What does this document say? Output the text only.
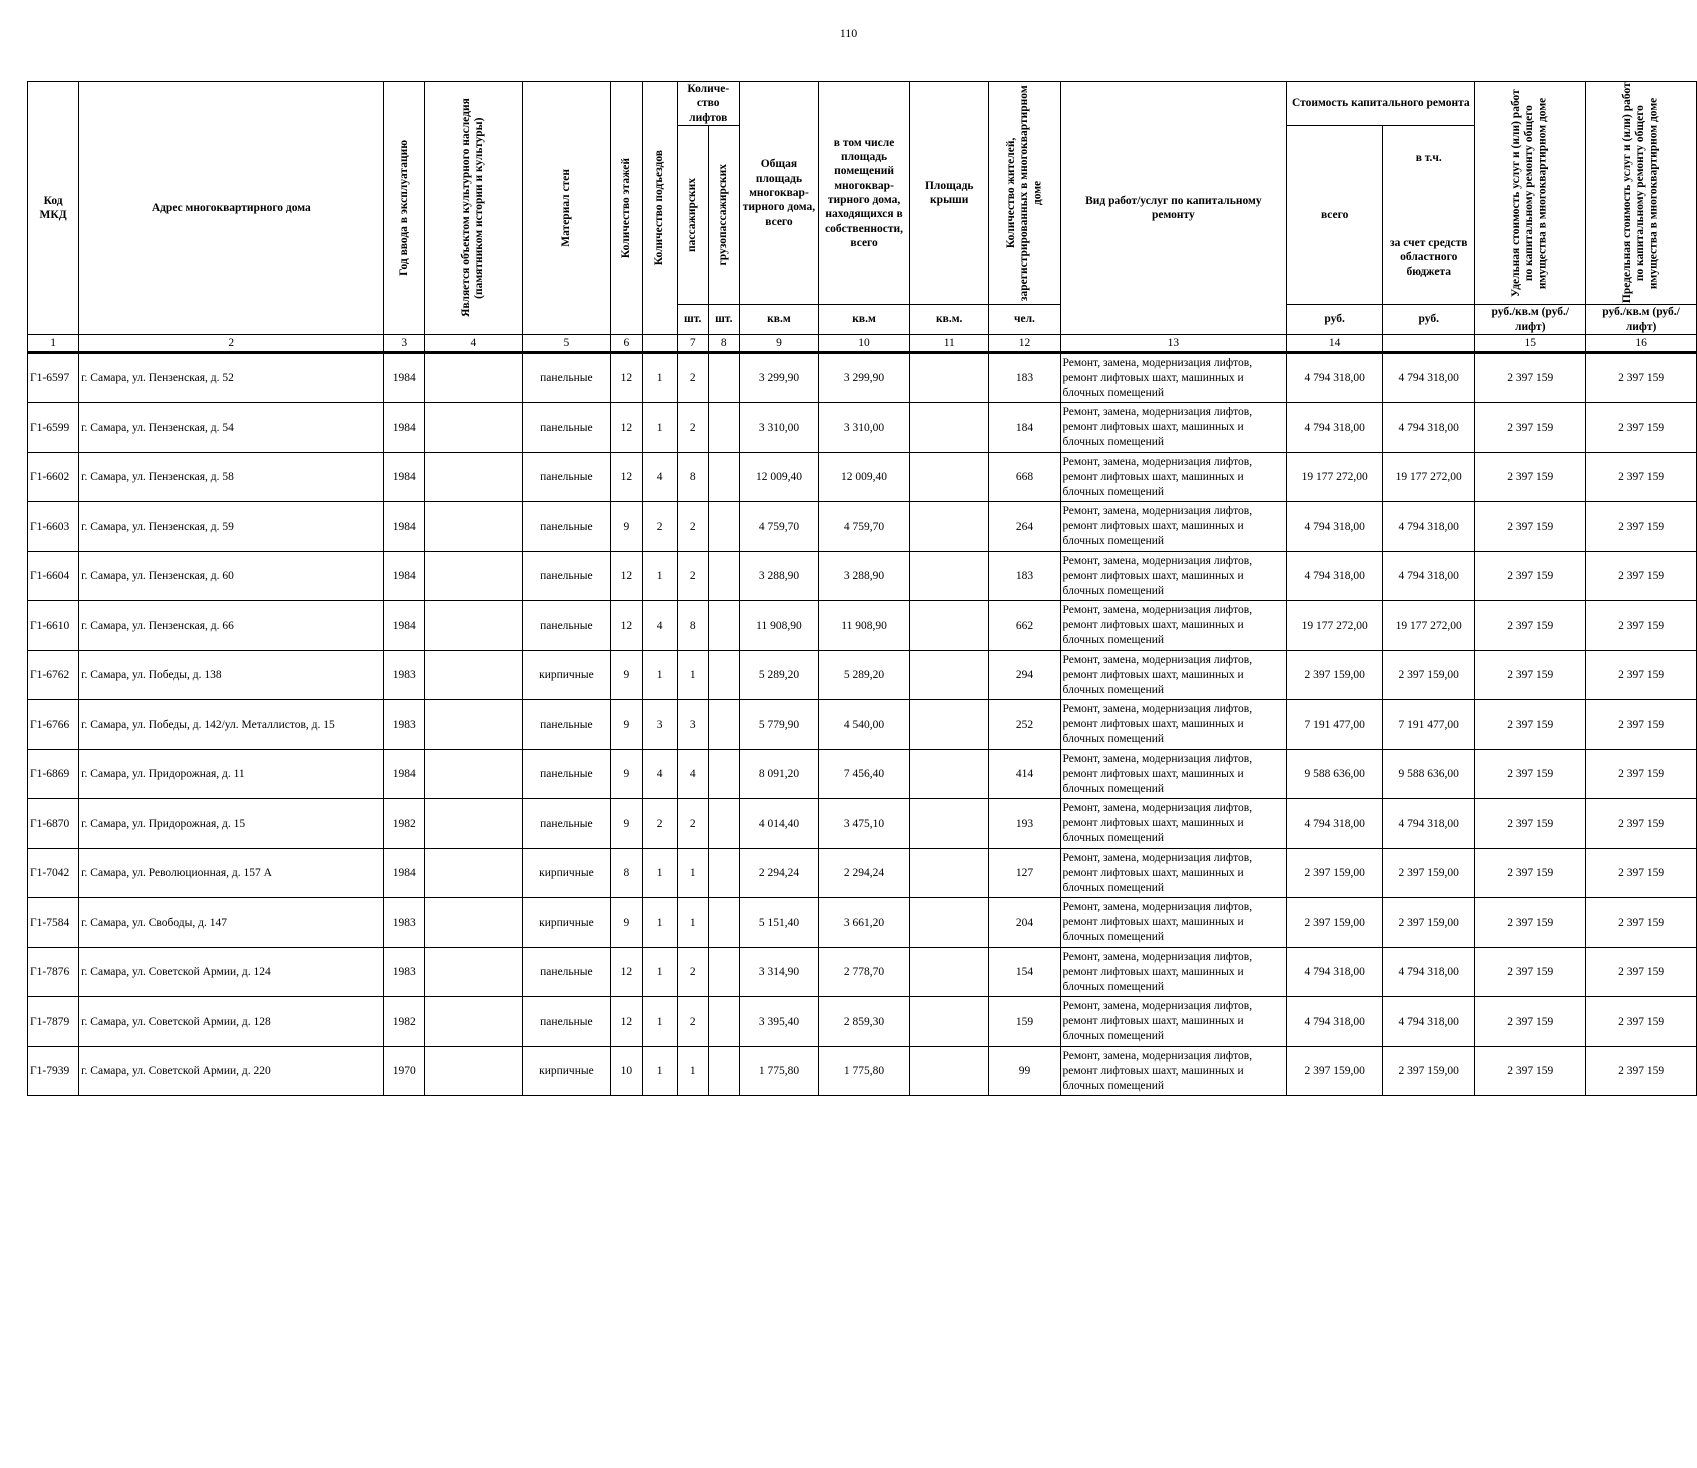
110
Код МКД	Адрес многоквартирного дома	Год ввода в эксплуатацию	Является объектом культурного наследия (памятником истории и культуры)	Материал стен	Количество этажей	Количество подъездов	Количе- ство лифтов		Общая площадь многоквар- тирного дома, всего	в том числе площадь помещений многоквар- тирного дома, находящихся в собственности, всего	Площадь крыши	Количество жителей, зарегистрированных в многоквартирном доме	Вид работ/услуг по капитальному ремонту	Стоимость капитального ремонта		Удельная стоимость услуг и (или) работ по капитальному ремонту общего имущества в многоквартирном доме	Предельная стоимость услуг и (или) работ по капитальному ремонту общего имущества в многоквартирном доме

							пассажирских	грузопассажирских						всего	в т.ч.
за счет средств областного бюджета		

							шт.	шт.	кв.м	кв.м	кв.м.	чел.		руб.	руб.	руб./кв.м (руб./лифт)	руб./кв.м (руб./лифт)
1	2	3	4	5	6		7	8	9	10	11	12	13	14		15	16
Г1-6597	г. Самара, ул. Пензенская, д. 52	1984		панельные	12	1	2		3 299,90	3 299,90		183	Ремонт, замена, модернизация лифтов, ремонт лифтовых шахт, машинных и блочных помещений	4 794 318,00	4 794 318,00	2 397 159	2 397 159
Г1-6599	г. Самара, ул. Пензенская, д. 54	1984		панельные	12	1	2		3 310,00	3 310,00		184	Ремонт, замена, модернизация лифтов, ремонт лифтовых шахт, машинных и блочных помещений	4 794 318,00	4 794 318,00	2 397 159	2 397 159
Г1-6602	г. Самара, ул. Пензенская, д. 58	1984		панельные	12	4	8		12 009,40	12 009,40		668	Ремонт, замена, модернизация лифтов, ремонт лифтовых шахт, машинных и блочных помещений	19 177 272,00	19 177 272,00	2 397 159	2 397 159
Г1-6603	г. Самара, ул. Пензенская, д. 59	1984		панельные	9	2	2		4 759,70	4 759,70		264	Ремонт, замена, модернизация лифтов, ремонт лифтовых шахт, машинных и блочных помещений	4 794 318,00	4 794 318,00	2 397 159	2 397 159
Г1-6604	г. Самара, ул. Пензенская, д. 60	1984		панельные	12	1	2		3 288,90	3 288,90		183	Ремонт, замена, модернизация лифтов, ремонт лифтовых шахт, машинных и блочных помещений	4 794 318,00	4 794 318,00	2 397 159	2 397 159
Г1-6610	г. Самара, ул. Пензенская, д. 66	1984		панельные	12	4	8		11 908,90	11 908,90		662	Ремонт, замена, модернизация лифтов, ремонт лифтовых шахт, машинных и блочных помещений	19 177 272,00	19 177 272,00	2 397 159	2 397 159
Г1-6762	г. Самара, ул. Победы, д. 138	1983		кирпичные	9	1	1		5 289,20	5 289,20		294	Ремонт, замена, модернизация лифтов, ремонт лифтовых шахт, машинных и блочных помещений	2 397 159,00	2 397 159,00	2 397 159	2 397 159
Г1-6766	г. Самара, ул. Победы, д. 142/ул. Металлистов, д. 15	1983		панельные	9	3	3		5 779,90	4 540,00		252	Ремонт, замена, модернизация лифтов, ремонт лифтовых шахт, машинных и блочных помещений	7 191 477,00	7 191 477,00	2 397 159	2 397 159
Г1-6869	г. Самара, ул. Придорожная, д. 11	1984		панельные	9	4	4		8 091,20	7 456,40		414	Ремонт, замена, модернизация лифтов, ремонт лифтовых шахт, машинных и блочных помещений	9 588 636,00	9 588 636,00	2 397 159	2 397 159
Г1-6870	г. Самара, ул. Придорожная, д. 15	1982		панельные	9	2	2		4 014,40	3 475,10		193	Ремонт, замена, модернизация лифтов, ремонт лифтовых шахт, машинных и блочных помещений	4 794 318,00	4 794 318,00	2 397 159	2 397 159
Г1-7042	г. Самара, ул. Революционная, д. 157 А	1984		кирпичные	8	1	1		2 294,24	2 294,24		127	Ремонт, замена, модернизация лифтов, ремонт лифтовых шахт, машинных и блочных помещений	2 397 159,00	2 397 159,00	2 397 159	2 397 159
Г1-7584	г. Самара, ул. Свободы, д. 147	1983		кирпичные	9	1	1		5 151,40	3 661,20		204	Ремонт, замена, модернизация лифтов, ремонт лифтовых шахт, машинных и блочных помещений	2 397 159,00	2 397 159,00	2 397 159	2 397 159
Г1-7876	г. Самара, ул. Советской Армии, д. 124	1983		панельные	12	1	2		3 314,90	2 778,70		154	Ремонт, замена, модернизация лифтов, ремонт лифтовых шахт, машинных и блочных помещений	4 794 318,00	4 794 318,00	2 397 159	2 397 159
Г1-7879	г. Самара, ул. Советской Армии, д. 128	1982		панельные	12	1	2		3 395,40	2 859,30		159	Ремонт, замена, модернизация лифтов, ремонт лифтовых шахт, машинных и блочных помещений	4 794 318,00	4 794 318,00	2 397 159	2 397 159
Г1-7939	г. Самара, ул. Советской Армии, д. 220	1970		кирпичные	10	1	1		1 775,80	1 775,80		99	Ремонт, замена, модернизация лифтов, ремонт лифтовых шахт, машинных и блочных помещений	2 397 159,00	2 397 159,00	2 397 159	2 397 159
